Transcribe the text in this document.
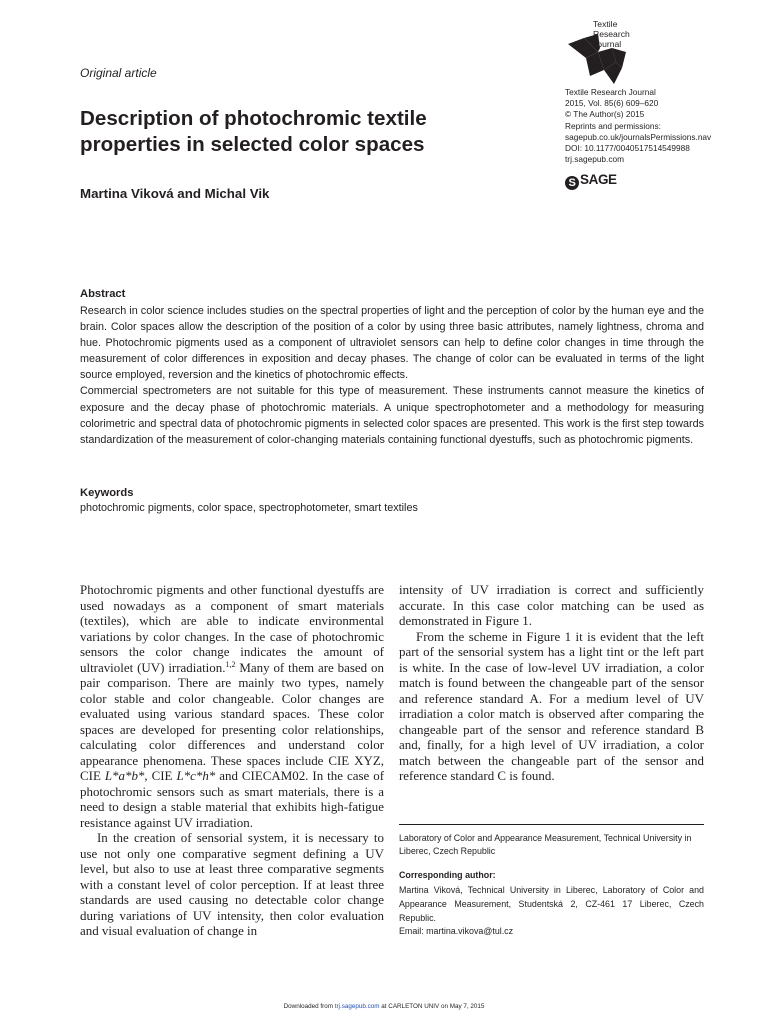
Textile
Research
Journal
Original article
Textile Research Journal
2015, Vol. 85(6) 609–620
© The Author(s) 2015
Reprints and permissions:
sagepub.co.uk/journalsPermissions.nav
DOI: 10.1177/0040517514549988
trj.sagepub.com
S SAGE
Description of photochromic textile properties in selected color spaces
Martina Viková and Michal Vik
Abstract

Research in color science includes studies on the spectral properties of light and the perception of color by the human eye and the brain. Color spaces allow the description of the position of a color by using three basic attributes, namely lightness, chroma and hue. Photochromic pigments used as a component of ultraviolet sensors can help to define color changes in time through the measurement of color differences in exposition and decay phases. The change of color can be evaluated in terms of the light source employed, reversion and the kinetics of photochromic effects.

Commercial spectrometers are not suitable for this type of measurement. These instruments cannot measure the kinetics of exposure and the decay phase of photochromic materials. A unique spectrophotometer and a methodology for measuring colorimetric and spectral data of photochromic pigments in selected color spaces are presented. This work is the first step towards standardization of the measurement of color-changing materials containing functional dyestuffs, such as photochromic pigments.

Keywords
photochromic pigments, color space, spectrophotometer, smart textiles

Photochromic pigments and other functional dyestuffs are used nowadays as a component of smart materials (textiles), which are able to indicate environmental variations by color changes. In the case of photochromic sensors the color change indicates the amount of ultraviolet (UV) irradiation.$^{1,2}$ Many of them are based on pair comparison. There are mainly two types, namely color stable and color changeable. Color changes are evaluated using various standard spaces. These color spaces are developed for presenting color relationships, calculating color differences and understand color appearance phenomena. These spaces include CIE XYZ, CIE L*a*b*, CIE L*c*h* and CIECAM02. In the case of photochromic sensors such as smart materials, there is a need to design a stable material that exhibits high-fatigue resistance against UV irradiation.

In the creation of sensorial system, it is necessary to use not only one comparative segment defining a UV level, but also to use at least three comparative segments with a constant level of color perception. If at least three standards are used causing no detectable color change during variations of UV intensity, then color evaluation and visual evaluation of change in

intensity of UV irradiation is correct and sufficiently accurate. In this case color matching can be used as demonstrated in Figure 1.

From the scheme in Figure 1 it is evident that the left part of the sensorial system has a light tint or the left part is white. In the case of low-level UV irradiation, a color match is found between the changeable part of the sensor and reference standard A. For a medium level of UV irradiation a color match is observed after comparing the changeable part of the sensor and reference standard B and, finally, for a high level of UV irradiation, a color match between the changeable part of the sensor and reference standard C is found.

Laboratory of Color and Appearance Measurement, Technical University in Liberec, Czech Republic
Corresponding author:
Martina Viková, Technical University in Liberec, Laboratory of Color and Appearance Measurement, Studentská 2, CZ-461 17 Liberec, Czech Republic.
Email: martina.vikova@tul.cz
Downloaded from trj.sagepub.com at CARLETON UNIV on May 7, 2015
